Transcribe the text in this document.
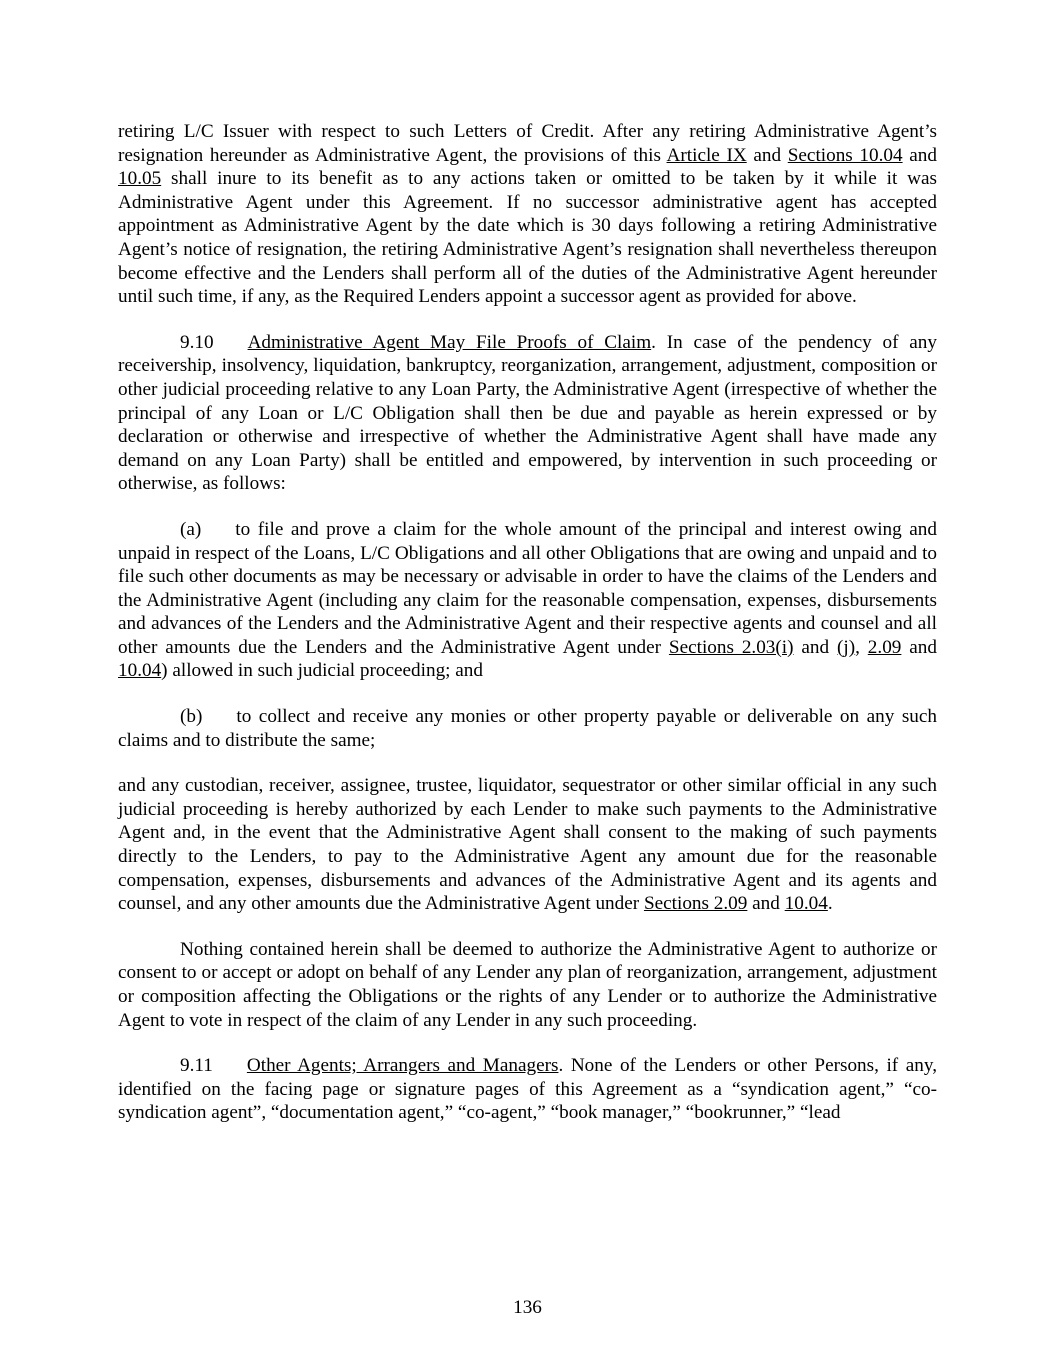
retiring L/C Issuer with respect to such Letters of Credit. After any retiring Administrative Agent’s resignation hereunder as Administrative Agent, the provisions of this Article IX and Sections 10.04 and 10.05 shall inure to its benefit as to any actions taken or omitted to be taken by it while it was Administrative Agent under this Agreement. If no successor administrative agent has accepted appointment as Administrative Agent by the date which is 30 days following a retiring Administrative Agent’s notice of resignation, the retiring Administrative Agent’s resignation shall nevertheless thereupon become effective and the Lenders shall perform all of the duties of the Administrative Agent hereunder until such time, if any, as the Required Lenders appoint a successor agent as provided for above.

9.10 Administrative Agent May File Proofs of Claim. In case of the pendency of any receivership, insolvency, liquidation, bankruptcy, reorganization, arrangement, adjustment, composition or other judicial proceeding relative to any Loan Party, the Administrative Agent (irrespective of whether the principal of any Loan or L/C Obligation shall then be due and payable as herein expressed or by declaration or otherwise and irrespective of whether the Administrative Agent shall have made any demand on any Loan Party) shall be entitled and empowered, by intervention in such proceeding or otherwise, as follows:

(a) to file and prove a claim for the whole amount of the principal and interest owing and unpaid in respect of the Loans, L/C Obligations and all other Obligations that are owing and unpaid and to file such other documents as may be necessary or advisable in order to have the claims of the Lenders and the Administrative Agent (including any claim for the reasonable compensation, expenses, disbursements and advances of the Lenders and the Administrative Agent and their respective agents and counsel and all other amounts due the Lenders and the Administrative Agent under Sections 2.03(i) and (j), 2.09 and 10.04) allowed in such judicial proceeding; and

(b) to collect and receive any monies or other property payable or deliverable on any such claims and to distribute the same;

and any custodian, receiver, assignee, trustee, liquidator, sequestrator or other similar official in any such judicial proceeding is hereby authorized by each Lender to make such payments to the Administrative Agent and, in the event that the Administrative Agent shall consent to the making of such payments directly to the Lenders, to pay to the Administrative Agent any amount due for the reasonable compensation, expenses, disbursements and advances of the Administrative Agent and its agents and counsel, and any other amounts due the Administrative Agent under Sections 2.09 and 10.04.

Nothing contained herein shall be deemed to authorize the Administrative Agent to authorize or consent to or accept or adopt on behalf of any Lender any plan of reorganization, arrangement, adjustment or composition affecting the Obligations or the rights of any Lender or to authorize the Administrative Agent to vote in respect of the claim of any Lender in any such proceeding.

9.11 Other Agents; Arrangers and Managers. None of the Lenders or other Persons, if any, identified on the facing page or signature pages of this Agreement as a “syndication agent,” “co-syndication agent”, “documentation agent,” “co-agent,” “book manager,” “bookrunner,” “lead

136
